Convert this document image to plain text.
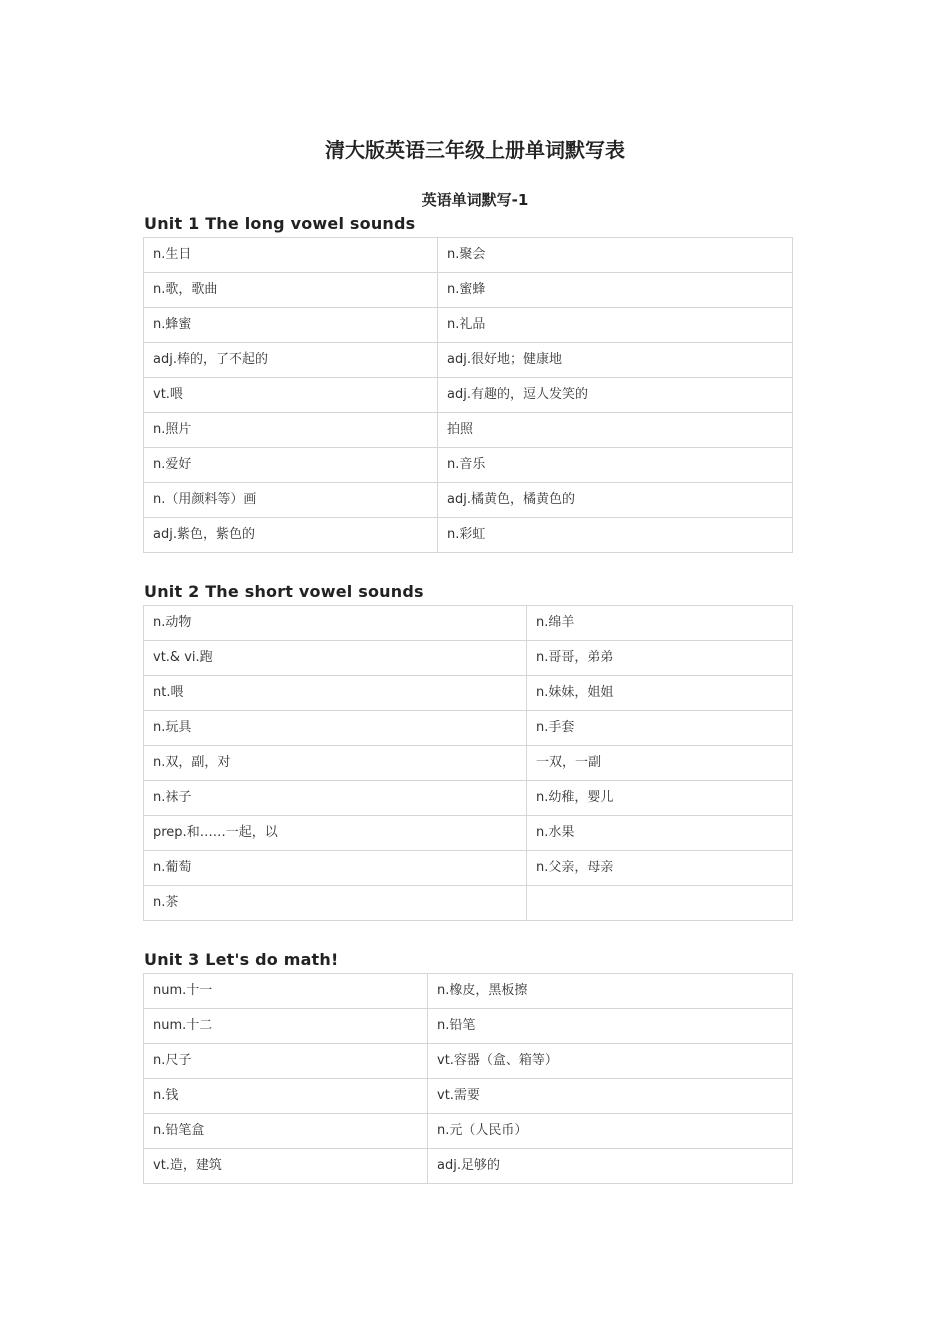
清大版英语三年级上册单词默写表
英语单词默写-1
Unit 1 The long vowel sounds
n.生日	n.聚会
n.歌，歌曲	n.蜜蜂
n.蜂蜜	n.礼品
adj.棒的，了不起的	adj.很好地；健康地
vt.喂	adj.有趣的，逗人发笑的
n.照片	拍照
n.爱好	n.音乐
n.（用颜料等）画	adj.橘黄色，橘黄色的
adj.紫色，紫色的	n.彩虹
Unit 2 The short vowel sounds
n.动物	n.绵羊
vt.& vi.跑	n.哥哥，弟弟
nt.喂	n.妹妹，姐姐
n.玩具	n.手套
n.双，副，对	一双，一副
n.袜子	n.幼稚，婴儿
prep.和……一起，以	n.水果
n.葡萄	n.父亲，母亲
n.茶	
Unit 3 Let's do math!
num.十一	n.橡皮，黑板擦
num.十二	n.铅笔
n.尺子	vt.容器（盒、箱等）
n.钱	vt.需要
n.铅笔盒	n.元（人民币）
vt.造，建筑	adj.足够的
